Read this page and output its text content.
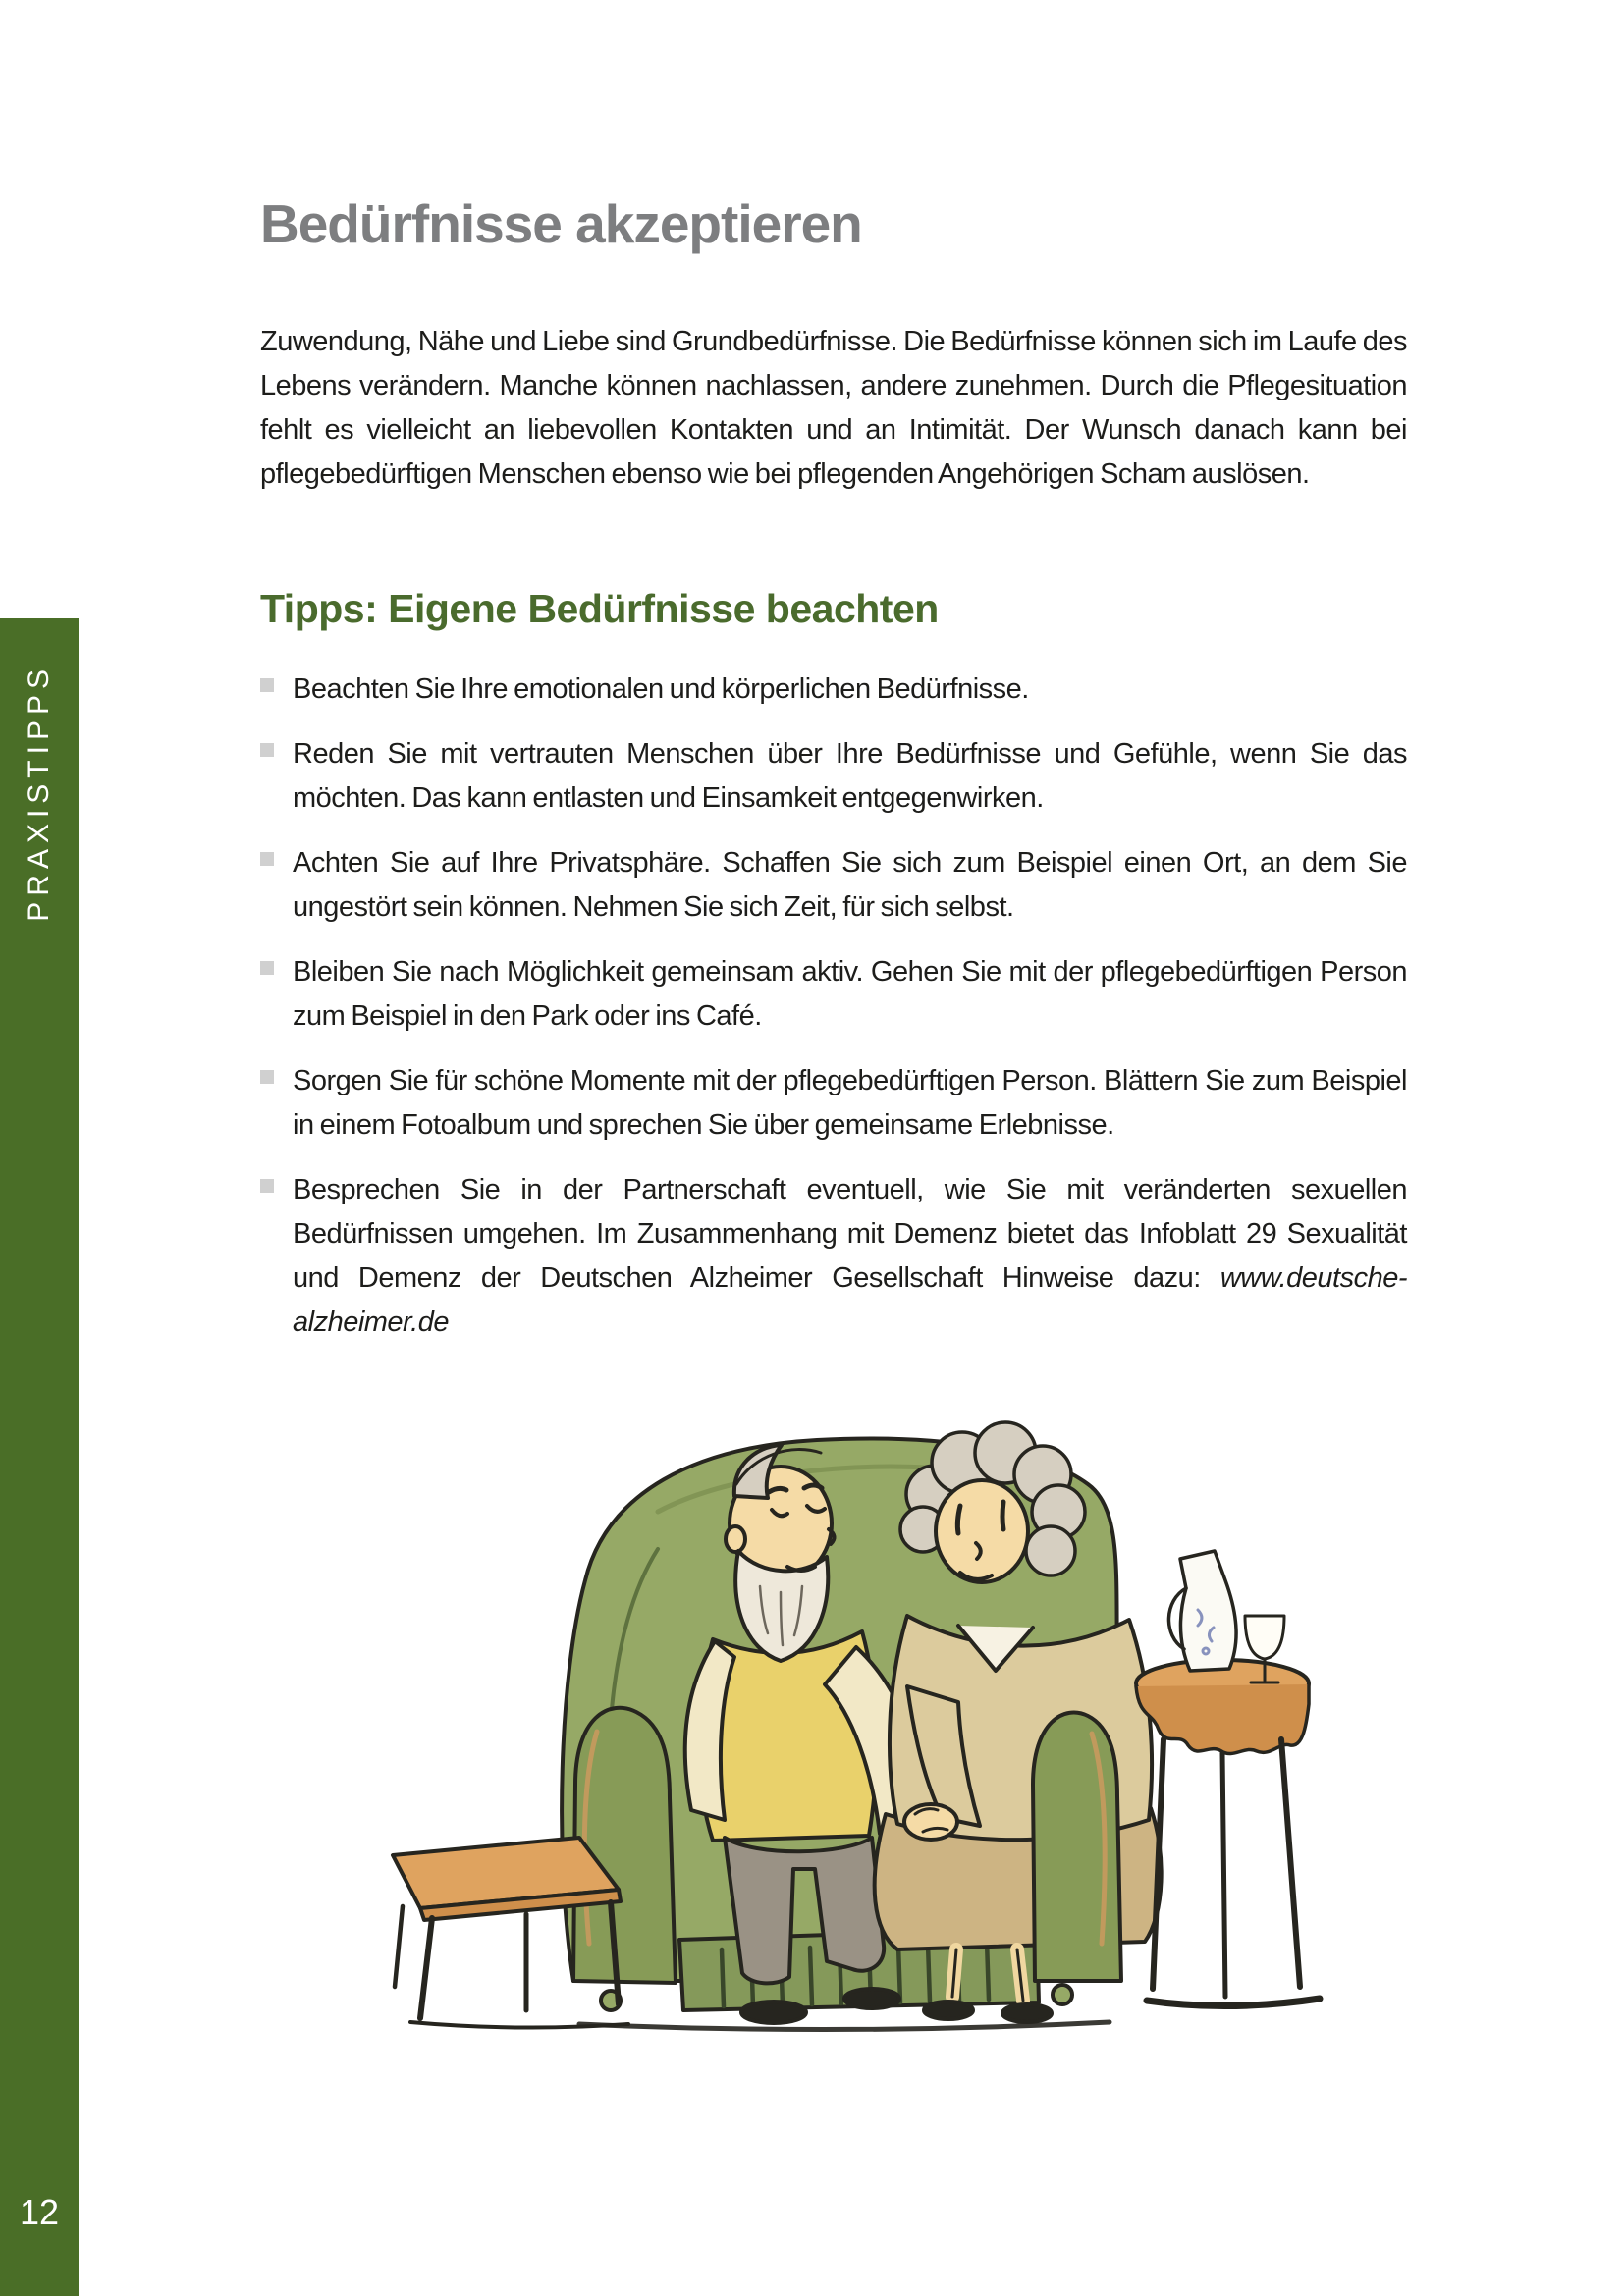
PRAXISTIPPS
12
Bedürfnisse akzeptieren

Zuwendung, Nähe und Liebe sind Grundbedürfnisse. Die Bedürfnisse können sich im Laufe des Lebens verändern. Manche können nachlassen, andere zunehmen. Durch die Pflegesituation fehlt es vielleicht an liebevollen Kontakten und an Intimität. Der Wunsch danach kann bei pflegebedürftigen Menschen ebenso wie bei pflegenden Angehörigen Scham auslösen.

Tipps: Eigene Bedürfnisse beachten
Beachten Sie Ihre emotionalen und körperlichen Bedürfnisse.
Reden Sie mit vertrauten Menschen über Ihre Bedürfnisse und Gefühle, wenn Sie das möchten. Das kann entlasten und Einsamkeit entgegenwirken.
Achten Sie auf Ihre Privatsphäre. Schaffen Sie sich zum Beispiel einen Ort, an dem Sie ungestört sein können. Nehmen Sie sich Zeit, für sich selbst.
Bleiben Sie nach Möglichkeit gemeinsam aktiv. Gehen Sie mit der pflegebedürftigen Person zum Beispiel in den Park oder ins Café.
Sorgen Sie für schöne Momente mit der pflegebedürftigen Person. Blättern Sie zum Beispiel in einem Fotoalbum und sprechen Sie über gemeinsame Erlebnisse.
Besprechen Sie in der Partnerschaft eventuell, wie Sie mit veränderten sexuellen Bedürfnissen umgehen. Im Zusammenhang mit Demenz bietet das Infoblatt 29 Sexualität und Demenz der Deutschen Alzheimer Gesellschaft Hinweise dazu: www.deutsche-alzheimer.de
